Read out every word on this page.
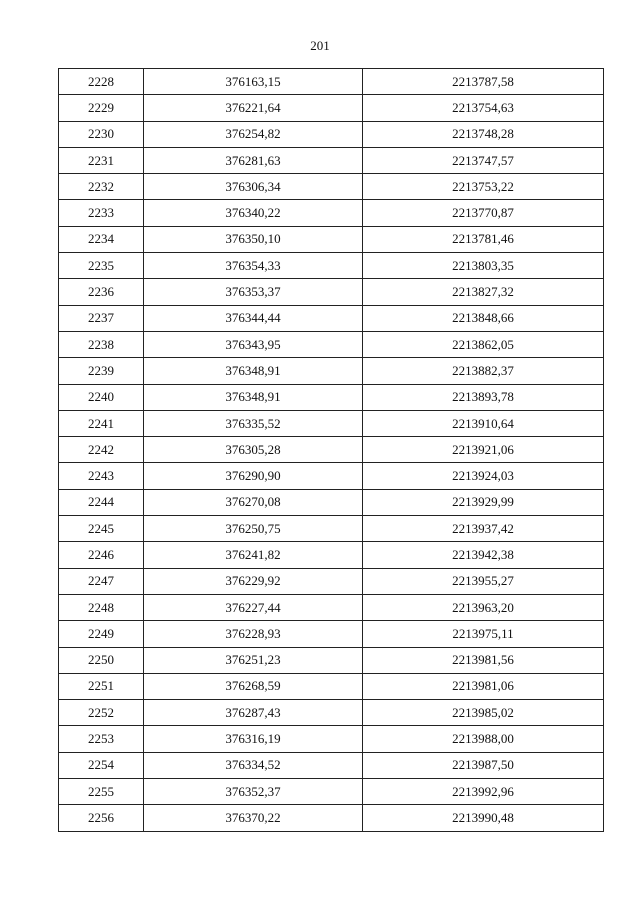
201
2228	376163,15	2213787,58
2229	376221,64	2213754,63
2230	376254,82	2213748,28
2231	376281,63	2213747,57
2232	376306,34	2213753,22
2233	376340,22	2213770,87
2234	376350,10	2213781,46
2235	376354,33	2213803,35
2236	376353,37	2213827,32
2237	376344,44	2213848,66
2238	376343,95	2213862,05
2239	376348,91	2213882,37
2240	376348,91	2213893,78
2241	376335,52	2213910,64
2242	376305,28	2213921,06
2243	376290,90	2213924,03
2244	376270,08	2213929,99
2245	376250,75	2213937,42
2246	376241,82	2213942,38
2247	376229,92	2213955,27
2248	376227,44	2213963,20
2249	376228,93	2213975,11
2250	376251,23	2213981,56
2251	376268,59	2213981,06
2252	376287,43	2213985,02
2253	376316,19	2213988,00
2254	376334,52	2213987,50
2255	376352,37	2213992,96
2256	376370,22	2213990,48
